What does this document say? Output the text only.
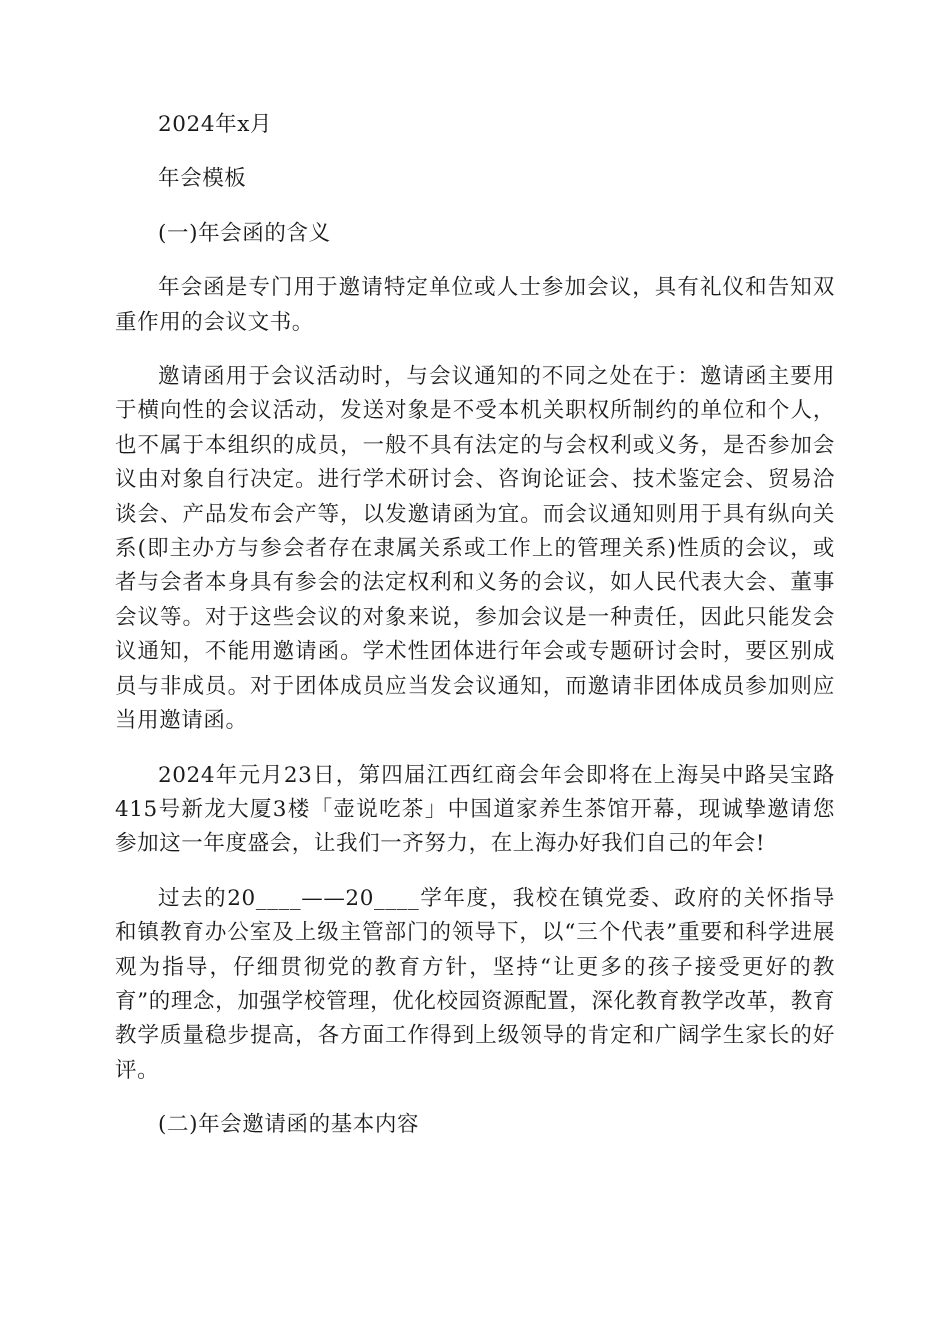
2024年x月

年会模板

(一)年会函的含义

年会函是专门用于邀请特定单位或人士参加会议，具有礼仪和告知双重作用的会议文书。

邀请函用于会议活动时，与会议通知的不同之处在于：邀请函主要用于横向性的会议活动，发送对象是不受本机关职权所制约的单位和个人，也不属于本组织的成员，一般不具有法定的与会权利或义务，是否参加会议由对象自行决定。进行学术研讨会、咨询论证会、技术鉴定会、贸易洽谈会、产品发布会产等，以发邀请函为宜。而会议通知则用于具有纵向关系(即主办方与参会者存在隶属关系或工作上的管理关系)性质的会议，或者与会者本身具有参会的法定权利和义务的会议，如人民代表大会、董事会议等。对于这些会议的对象来说，参加会议是一种责任，因此只能发会议通知，不能用邀请函。学术性团体进行年会或专题研讨会时，要区别成员与非成员。对于团体成员应当发会议通知，而邀请非团体成员参加则应当用邀请函。

2024年元月23日，第四届江西红商会年会即将在上海吴中路吴宝路415号新龙大厦3楼「壶说吃茶」中国道家养生茶馆开幕，现诚挚邀请您参加这一年度盛会，让我们一齐努力，在上海办好我们自己的年会!

过去的20____——20____学年度，我校在镇党委、政府的关怀指导和镇教育办公室及上级主管部门的领导下，以“三个代表”重要和科学进展观为指导，仔细贯彻党的教育方针，坚持“让更多的孩子接受更好的教育”的理念，加强学校管理，优化校园资源配置，深化教育教学改革，教育教学质量稳步提高，各方面工作得到上级领导的肯定和广阔学生家长的好评。

(二)年会邀请函的基本内容
